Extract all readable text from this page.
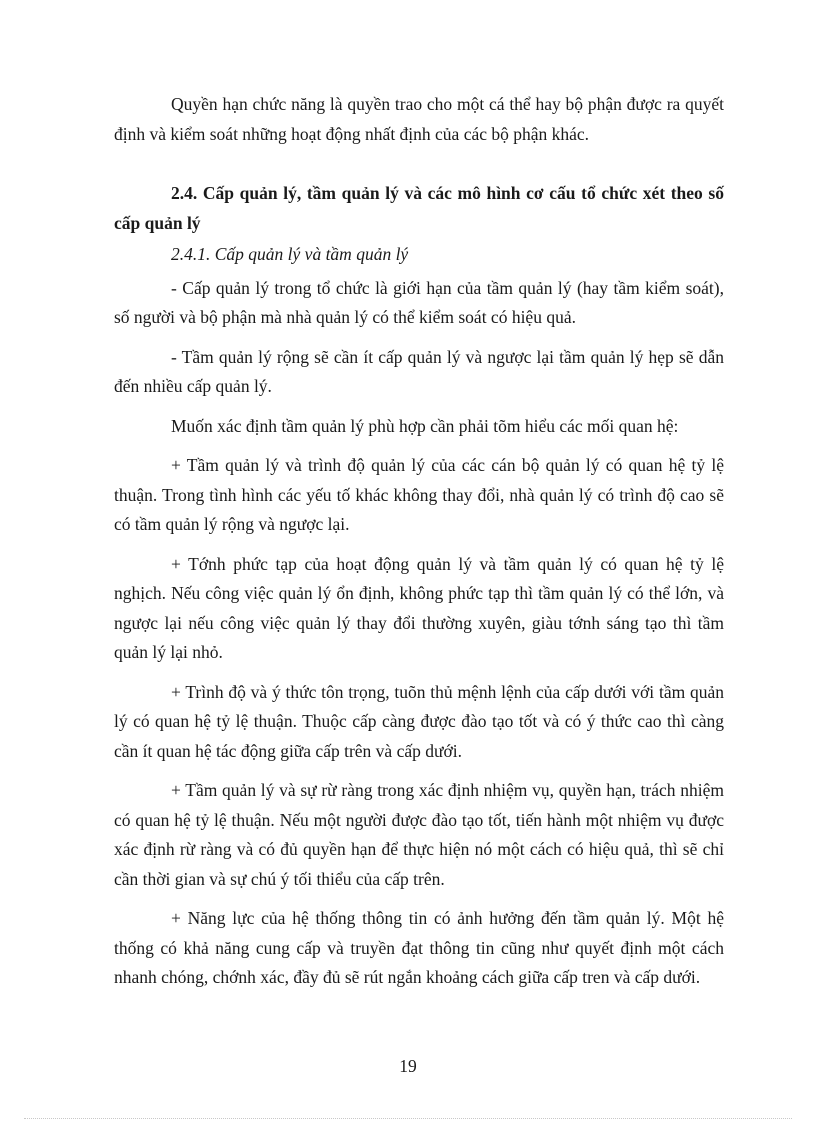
Quyền hạn chức năng là quyền trao cho một cá thể hay bộ phận được ra quyết định và kiểm soát những hoạt động nhất định của các bộ phận khác.

2.4. Cấp quản lý, tầm quản lý và các mô hình cơ cấu tổ chức xét theo số cấp quản lý

2.4.1. Cấp quản lý và tầm quản lý

- Cấp quản lý trong tổ chức là giới hạn của tầm quản lý (hay tầm kiểm soát), số người và bộ phận mà nhà quản lý có thể kiểm soát có hiệu quả.

- Tầm quản lý rộng sẽ cần ít cấp quản lý và ngược lại tầm quản lý hẹp sẽ dẫn đến nhiều cấp quản lý.

Muốn xác định tầm quản lý phù hợp cần phải tõm hiểu các mối quan hệ:

+ Tầm quản lý và trình độ quản lý của các cán bộ quản lý có quan hệ tỷ lệ thuận. Trong tình hình các yếu tố khác không thay đổi, nhà quản lý có trình độ cao sẽ có tầm quản lý rộng và ngược lại.

+ Tớnh phức tạp của hoạt động quản lý và tầm quản lý có quan hệ tỷ lệ nghịch. Nếu công việc quản lý ổn định, không phức tạp thì tầm quản lý có thể lớn, và ngược lại nếu công việc quản lý thay đổi thường xuyên, giàu tớnh sáng tạo thì tầm quản lý lại nhỏ.

+ Trình độ và ý thức tôn trọng, tuõn thủ mệnh lệnh của cấp dưới với tầm quản lý có quan hệ tỷ lệ thuận. Thuộc cấp càng được đào tạo tốt và có ý thức cao thì càng cần ít quan hệ tác động giữa cấp trên và cấp dưới.

+ Tầm quản lý và sự rừ ràng trong xác định nhiệm vụ, quyền hạn, trách nhiệm có quan hệ tỷ lệ thuận. Nếu một người được đào tạo tốt, tiến hành một nhiệm vụ được xác định rừ ràng và có đủ quyền hạn để thực hiện nó một cách có hiệu quả, thì sẽ chỉ cần thời gian và sự chú ý tối thiểu của cấp trên.

+ Năng lực của hệ thống thông tin có ảnh hưởng đến tầm quản lý. Một hệ thống có khả năng cung cấp và truyền đạt thông tin cũng như quyết định một cách nhanh chóng, chớnh xác, đầy đủ sẽ rút ngắn khoảng cách giữa cấp tren và cấp dưới.

19
